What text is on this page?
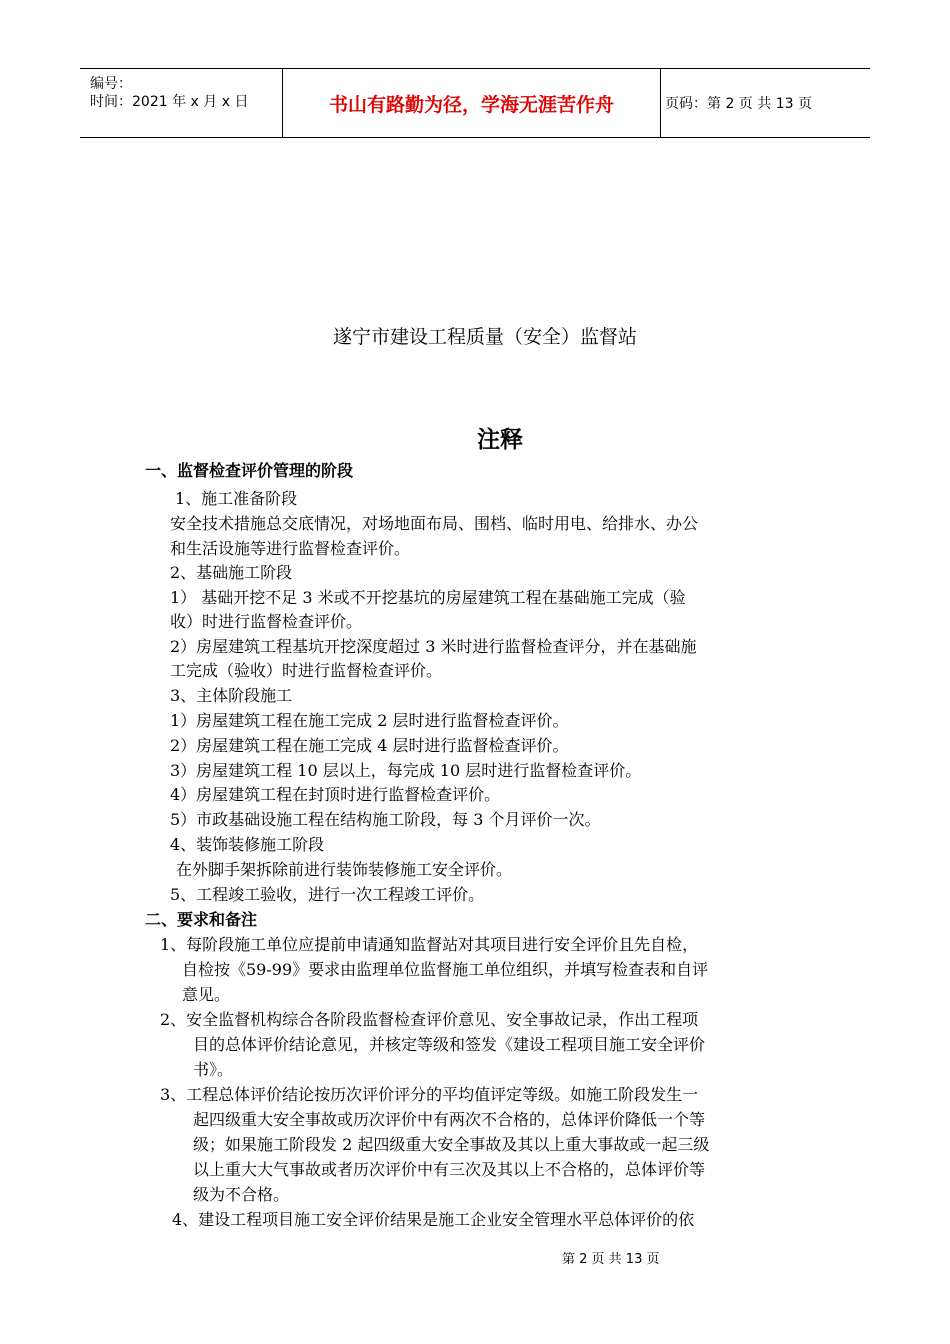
编号：
时间：2021 年 x 月 x 日	书山有路勤为径，学海无涯苦作舟	页码：第 2 页 共 13 页
遂宁市建设工程质量（安全）监督站
注释
一、监督检查评价管理的阶段
1、施工准备阶段
安全技术措施总交底情况，对场地面布局、围档、临时用电、给排水、办公
和生活设施等进行监督检查评价。
2、基础施工阶段
1） 基础开挖不足 3 米或不开挖基坑的房屋建筑工程在基础施工完成（验
收）时进行监督检查评价。
2）房屋建筑工程基坑开挖深度超过 3 米时进行监督检查评分，并在基础施
工完成（验收）时进行监督检查评价。
3、主体阶段施工
1）房屋建筑工程在施工完成 2 层时进行监督检查评价。
2）房屋建筑工程在施工完成 4 层时进行监督检查评价。
3）房屋建筑工程 10 层以上，每完成 10 层时进行监督检查评价。
4）房屋建筑工程在封顶时进行监督检查评价。
5）市政基础设施工程在结构施工阶段，每 3 个月评价一次。
4、装饰装修施工阶段
在外脚手架拆除前进行装饰装修施工安全评价。
5、工程竣工验收，进行一次工程竣工评价。
二、要求和备注
1、每阶段施工单位应提前申请通知监督站对其项目进行安全评价且先自检，
自检按《59-99》要求由监理单位监督施工单位组织，并填写检查表和自评
意见。
2、安全监督机构综合各阶段监督检查评价意见、安全事故记录，作出工程项
目的总体评价结论意见，并核定等级和签发《建设工程项目施工安全评价
书》。
3、工程总体评价结论按历次评价评分的平均值评定等级。如施工阶段发生一
起四级重大安全事故或历次评价中有两次不合格的，总体评价降低一个等
级；如果施工阶段发 2 起四级重大安全事故及其以上重大事故或一起三级
以上重大大气事故或者历次评价中有三次及其以上不合格的，总体评价等
级为不合格。
4、建设工程项目施工安全评价结果是施工企业安全管理水平总体评价的依
第 2 页 共 13 页
